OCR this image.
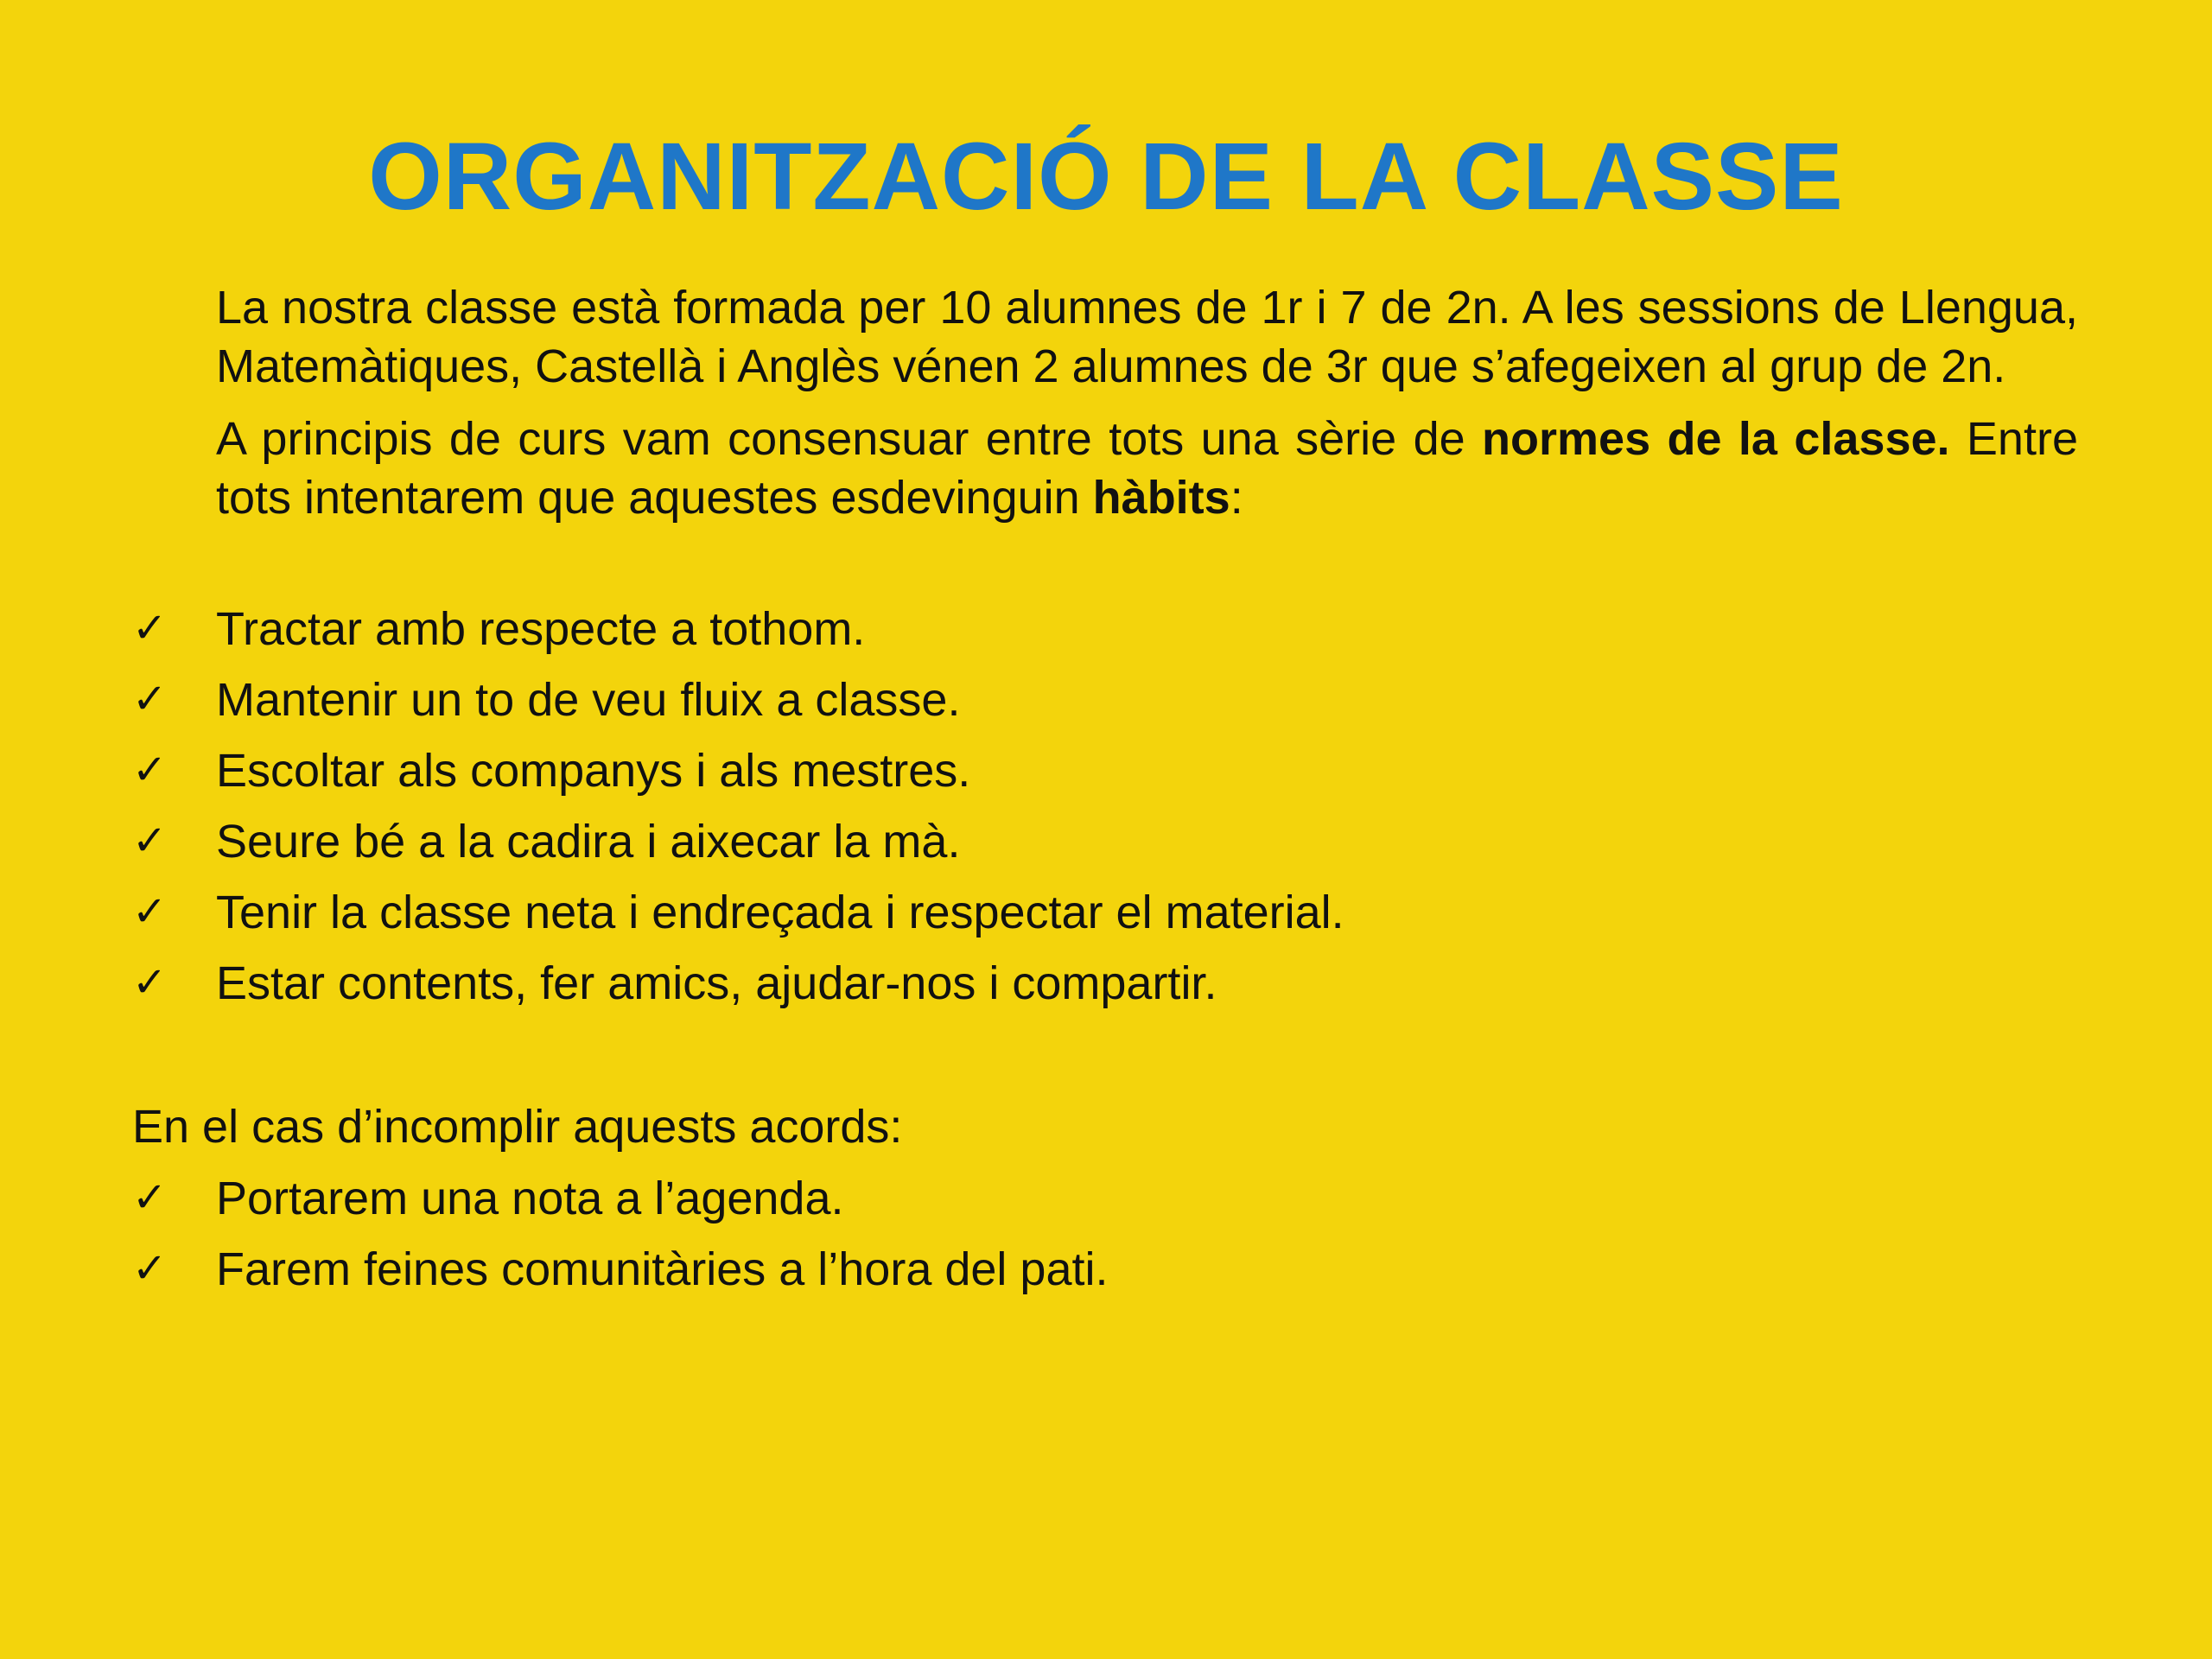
ORGANITZACIÓ DE LA CLASSE

La nostra classe està formada per 10 alumnes de 1r i 7 de 2n. A les sessions de Llengua, Matemàtiques, Castellà i Anglès vénen 2 alumnes de 3r que s’afegeixen al grup de 2n.

A principis de curs vam consensuar entre tots una sèrie de normes de la classe. Entre tots intentarem que aquestes esdevinguin hàbits:

✓	Tractar amb respecte a tothom.
✓	Mantenir un to de veu fluix a classe.
✓	Escoltar als companys i als mestres.
✓	Seure bé a la cadira i aixecar la mà.
✓	Tenir la classe neta i endreçada i respectar el material.
✓	Estar contents, fer amics, ajudar-nos i compartir.
En el cas d’incomplir aquests acords:
✓	Portarem una nota a l’agenda.
✓	Farem feines comunitàries a l’hora del pati.
